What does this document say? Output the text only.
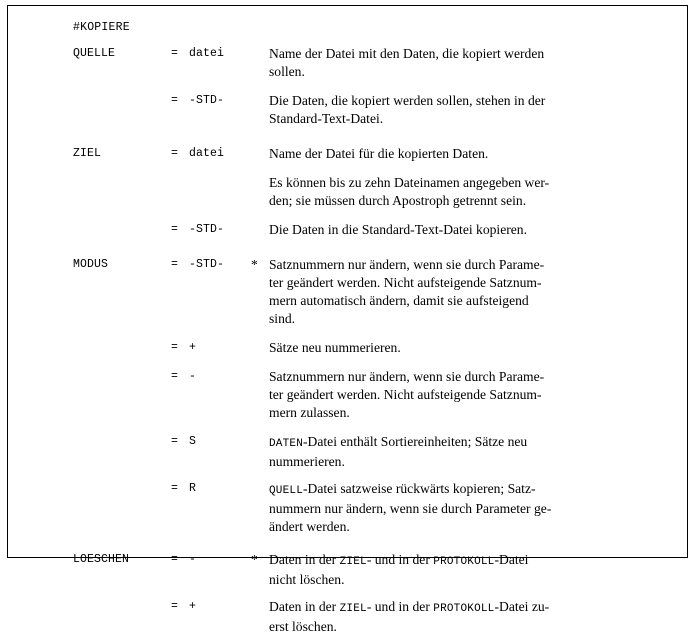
#KOPIERE
QUELLE	= datei	Name der Datei mit den Daten, die kopiert werden
sollen.
= -STD-	Die Daten, die kopiert werden sollen, stehen in der
Standard-Text-Datei.
ZIEL	= datei	Name der Datei für die kopierten Daten.
Es können bis zu zehn Dateinamen angegeben wer-
den; sie müssen durch Apostroph getrennt sein.
= -STD-	Die Daten in die Standard-Text-Datei kopieren.
MODUS	= -STD- * Satznummern nur ändern, wenn sie durch Parame-
ter geändert werden. Nicht aufsteigende Satznum-
mern automatisch ändern, damit sie aufsteigend
sind.
= +	Sätze neu nummerieren.
= -	Satznummern nur ändern, wenn sie durch Parame-
ter geändert werden. Nicht aufsteigende Satznum-
mern zulassen.
= S	DATEN-Datei enthält Sortiereinheiten; Sätze neu
nummerieren.
= R	QUELL-Datei satzweise rückwärts kopieren; Satz-
nummern nur ändern, wenn sie durch Parameter ge-
ändert werden.
LOESCHEN	= -	* Daten in der ZIEL- und in der PROTOKOLL-Datei
nicht löschen.
= +	Daten in der ZIEL- und in der PROTOKOLL-Datei zu-
erst löschen.
